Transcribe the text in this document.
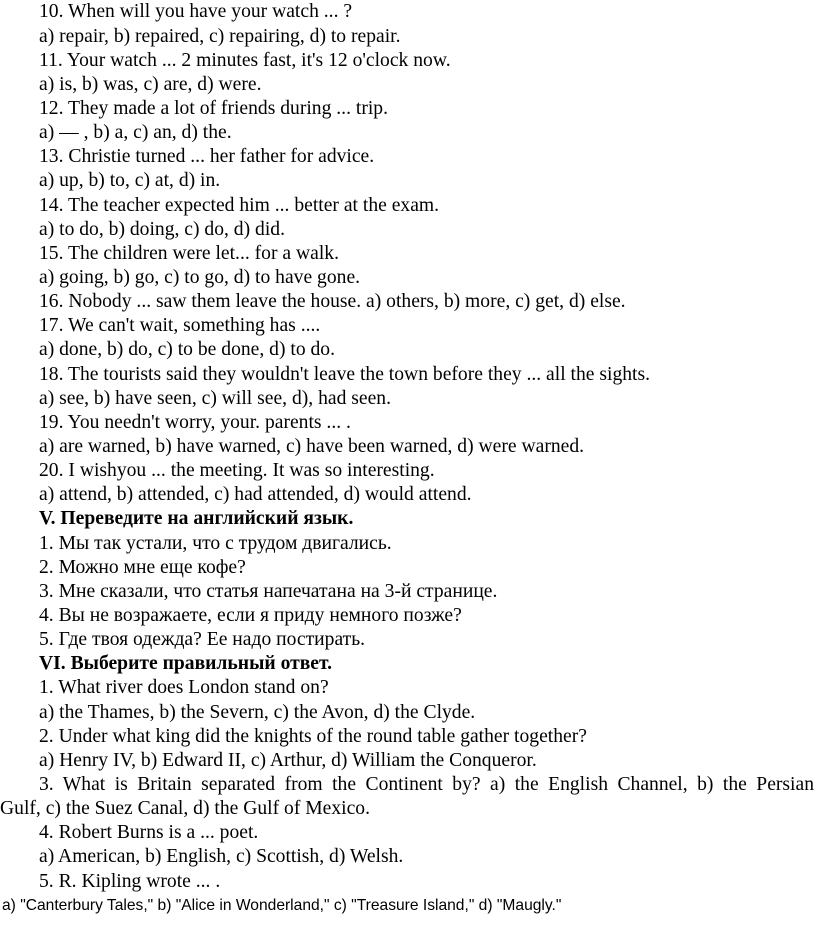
10. When will you have your watch ... ?
a) repair, b) repaired, c) repairing, d) to repair.
11. Your watch ... 2 minutes fast, it's 12 o'clock now.
a) is, b) was, c) are, d) were.
12. They made a lot of friends during ... trip.
a) — , b) a, c) an, d) the.
13. Christie turned ... her father for advice.
a) up, b) to, c) at, d) in.
14. The teacher expected him ... better at the exam.
a) to do, b) doing, c) do, d) did.
15. The children were let... for a walk.
a) going, b) go, c) to go, d) to have gone.
16. Nobody ... saw them leave the house. a) others, b) more, c) get, d) else.
17. We can't wait, something has ....
a) done, b) do, c) to be done, d) to do.
18. The tourists said they wouldn't leave the town before they ... all the sights.
a) see, b) have seen, c) will see, d), had seen.
19. You needn't worry, your. parents ... .
a) are warned, b) have warned, c) have been warned, d) were warned.
20. I wishyou ... the meeting. It was so interesting.
a) attend, b) attended, c) had attended, d) would attend.
V. Переведите на английский язык.
1. Мы так устали, что с трудом двигались.
2. Можно мне еще кофе?
3. Мне сказали, что статья напечатана на 3-й странице.
4. Вы не возражаете, если я приду немного позже?
5. Где твоя одежда? Ее надо постирать.
VI. Выберите правильный ответ.
1. What river does London stand on?
a) the Thames, b) the Severn, c) the Avon, d) the Clyde.
2. Under what king did the knights of the round table gather together?
a) Henry IV, b) Edward II, c) Arthur, d) William the Conqueror.
3. What is Britain separated from the Continent by? a) the English Channel, b) the Persian
Gulf, c) the Suez Canal, d) the Gulf of Mexico.
4. Robert Burns is a ... poet.
a) American, b) English, c) Scottish, d) Welsh.
5. R. Kipling wrote ... .
a) "Canterbury Tales," b) "Alice in Wonderland," c) "Treasure Island," d) "Maugly."
